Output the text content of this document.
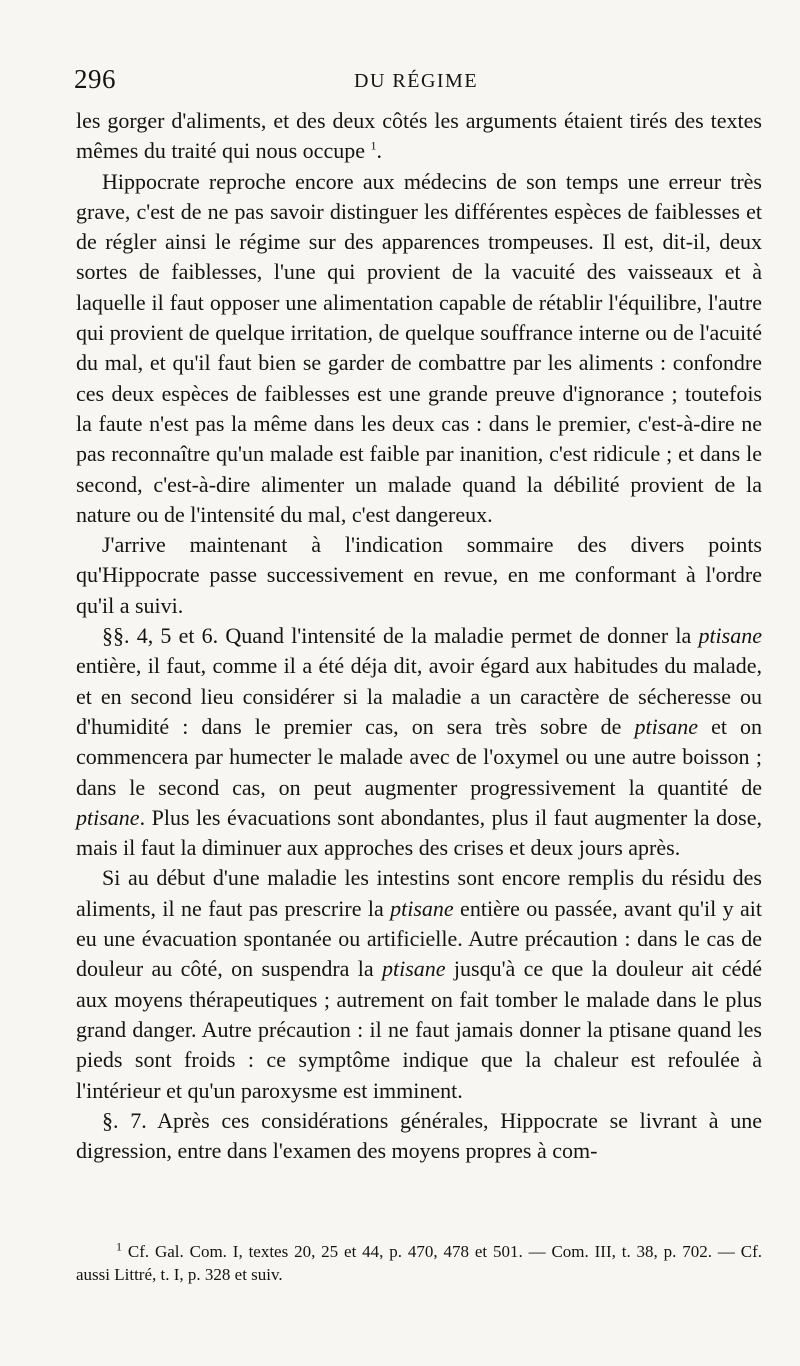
296	DU RÉGIME

les gorger d'aliments, et des deux côtés les arguments étaient tirés des textes mêmes du traité qui nous occupe $^1$.

Hippocrate reproche encore aux médecins de son temps une erreur très grave, c'est de ne pas savoir distinguer les différentes espèces de faiblesses et de régler ainsi le régime sur des apparences trompeuses. Il est, dit-il, deux sortes de faiblesses, l'une qui provient de la vacuité des vaisseaux et à laquelle il faut opposer une alimentation capable de rétablir l'équilibre, l'autre qui provient de quelque irritation, de quelque souffrance interne ou de l'acuité du mal, et qu'il faut bien se garder de combattre par les aliments : confondre ces deux espèces de faiblesses est une grande preuve d'ignorance ; toutefois la faute n'est pas la même dans les deux cas : dans le premier, c'est-à-dire ne pas reconnaître qu'un malade est faible par inanition, c'est ridicule ; et dans le second, c'est-à-dire alimenter un malade quand la débilité provient de la nature ou de l'intensité du mal, c'est dangereux.

J'arrive maintenant à l'indication sommaire des divers points qu'Hippocrate passe successivement en revue, en me conformant à l'ordre qu'il a suivi.

§§. 4, 5 et 6. Quand l'intensité de la maladie permet de donner la ptisane entière, il faut, comme il a été déja dit, avoir égard aux habitudes du malade, et en second lieu considérer si la maladie a un caractère de sécheresse ou d'humidité : dans le premier cas, on sera très sobre de ptisane et on commencera par humecter le malade avec de l'oxymel ou une autre boisson ; dans le second cas, on peut augmenter progressivement la quantité de ptisane. Plus les évacuations sont abondantes, plus il faut augmenter la dose, mais il faut la diminuer aux approches des crises et deux jours après.

Si au début d'une maladie les intestins sont encore remplis du résidu des aliments, il ne faut pas prescrire la ptisane entière ou passée, avant qu'il y ait eu une évacuation spontanée ou artificielle. Autre précaution : dans le cas de douleur au côté, on suspendra la ptisane jusqu'à ce que la douleur ait cédé aux moyens thérapeutiques ; autrement on fait tomber le malade dans le plus grand danger. Autre précaution : il ne faut jamais donner la ptisane quand les pieds sont froids : ce symptôme indique que la chaleur est refoulée à l'intérieur et qu'un paroxysme est imminent.

§. 7. Après ces considérations générales, Hippocrate se livrant à une digression, entre dans l'examen des moyens propres à com-

$^1$ Cf. Gal. Com. I, textes 20, 25 et 44, p. 470, 478 et 501. — Com. III, t. 38, p. 702. — Cf. aussi Littré, t. I, p. 328 et suiv.
